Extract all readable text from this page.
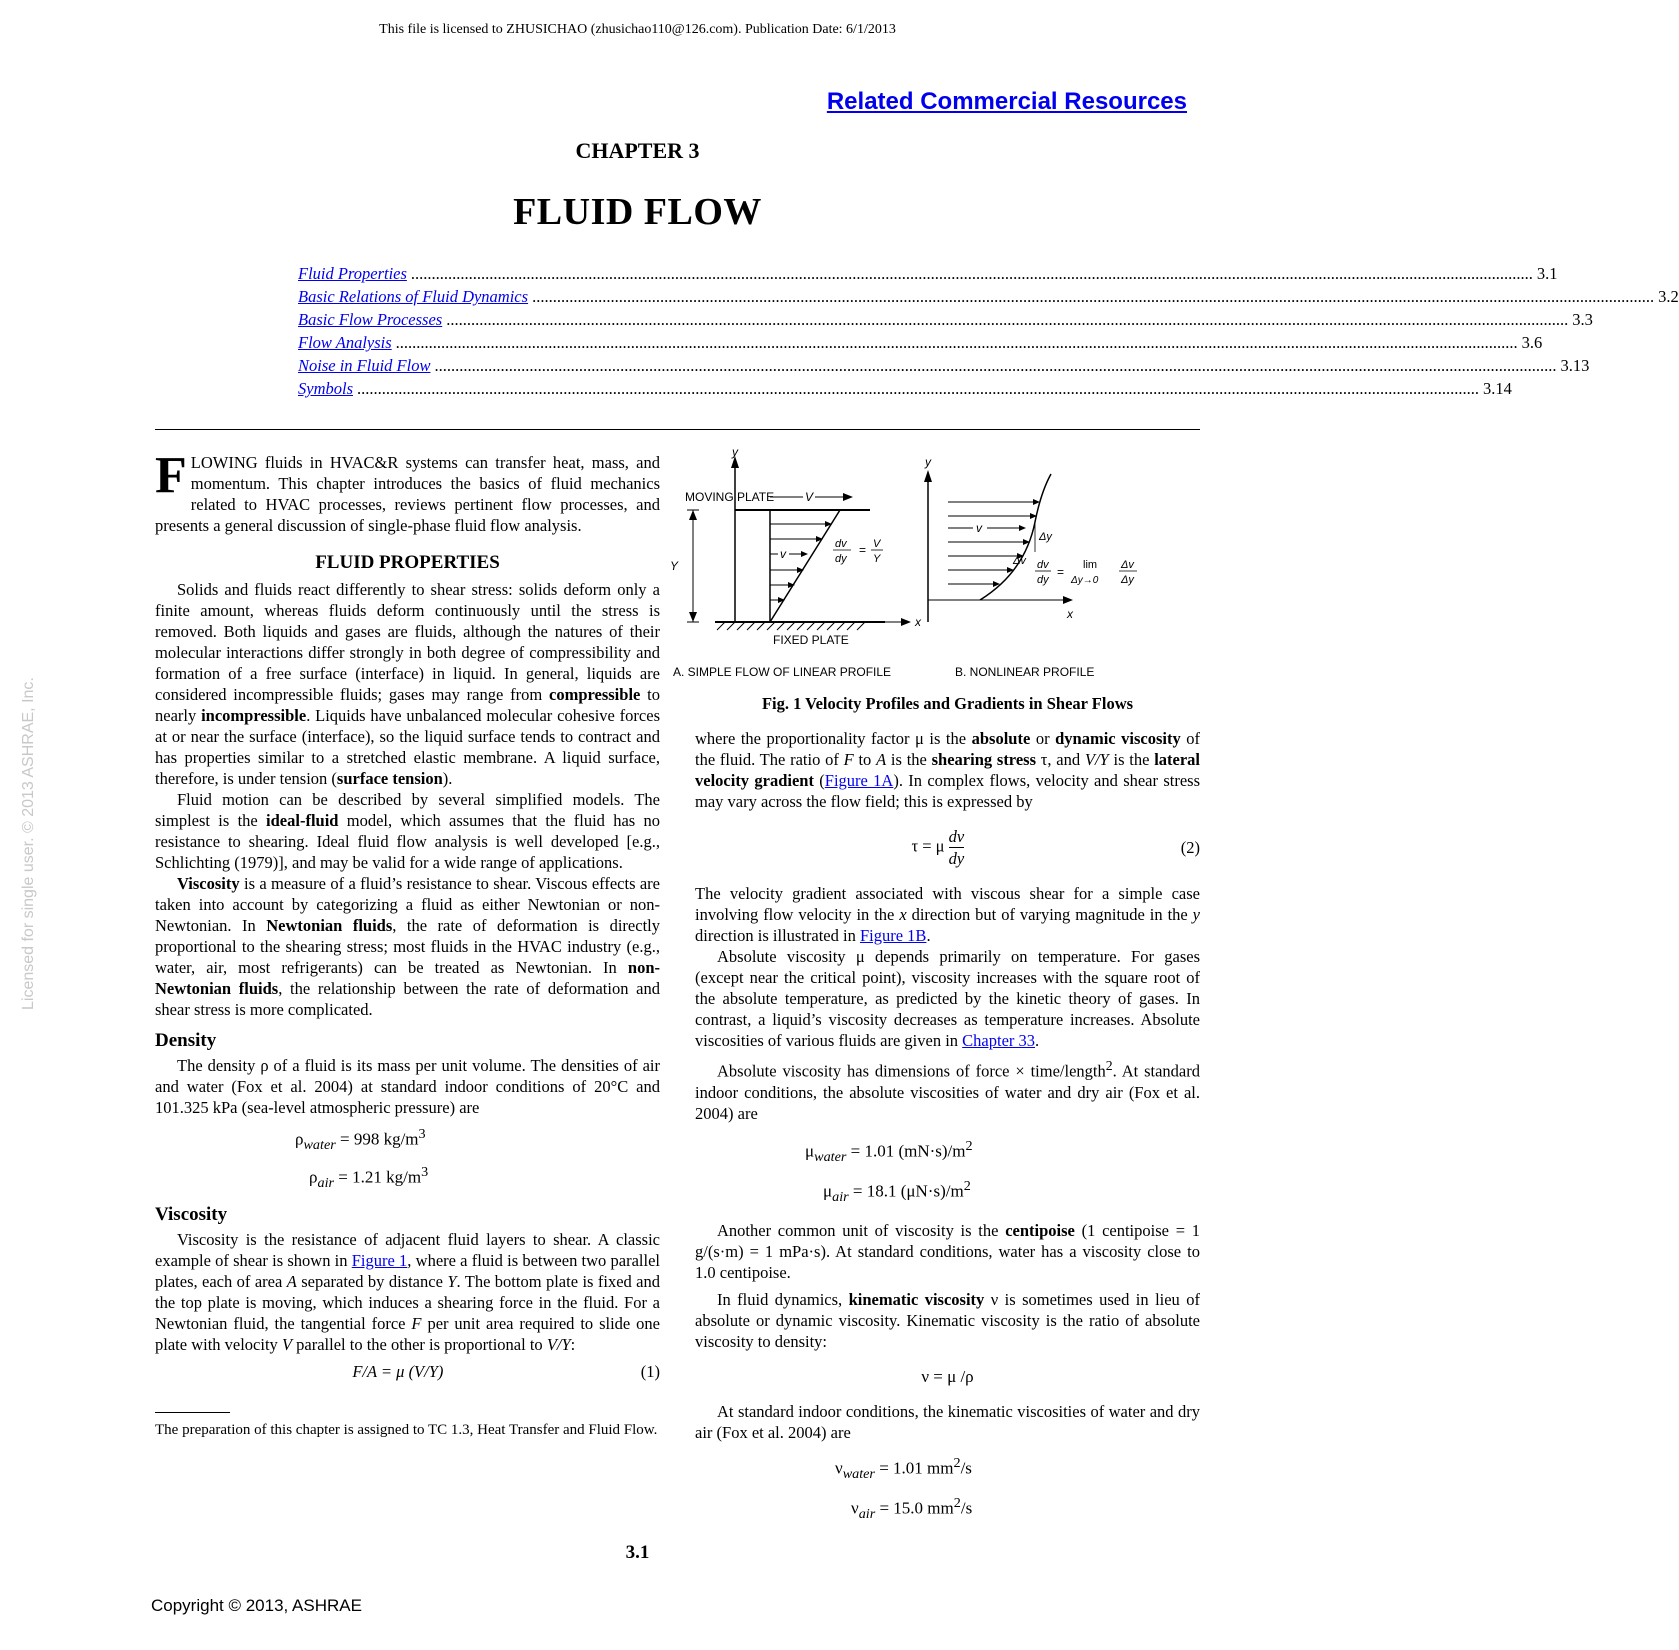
This file is licensed to ZHUSICHAO (zhusichao110@126.com). Publication Date: 6/1/2013
Related Commercial Resources
Licensed for single user. © 2013 ASHRAE, Inc.
CHAPTER 3
FLUID FLOW
Fluid Properties .....	3.1
Basic Relations of Fluid Dynamics .....	3.2
Basic Flow Processes .....	3.3
Flow Analysis .....	3.6
Noise in Fluid Flow .....	3.13
Symbols .....	3.14

FLOWING fluids in HVAC&R systems can transfer heat, mass, and momentum. This chapter introduces the basics of fluid mechanics related to HVAC processes, reviews pertinent flow processes, and presents a general discussion of single-phase fluid flow analysis.

FLUID PROPERTIES

Solids and fluids react differently to shear stress: solids deform only a finite amount, whereas fluids deform continuously until the stress is removed. Both liquids and gases are fluids, although the natures of their molecular interactions differ strongly in both degree of compressibility and formation of a free surface (interface) in liquid. In general, liquids are considered incompressible fluids; gases may range from compressible to nearly incompressible. Liquids have unbalanced molecular cohesive forces at or near the surface (interface), so the liquid surface tends to contract and has properties similar to a stretched elastic membrane. A liquid surface, therefore, is under tension (surface tension).

Fluid motion can be described by several simplified models. The simplest is the ideal-fluid model, which assumes that the fluid has no resistance to shearing. Ideal fluid flow analysis is well developed [e.g., Schlichting (1979)], and may be valid for a wide range of applications.

Viscosity is a measure of a fluid’s resistance to shear. Viscous effects are taken into account by categorizing a fluid as either Newtonian or non-Newtonian. In Newtonian fluids, the rate of deformation is directly proportional to the shearing stress; most fluids in the HVAC industry (e.g., water, air, most refrigerants) can be treated as Newtonian. In non-Newtonian fluids, the relationship between the rate of deformation and shear stress is more complicated.

Density

The density ρ of a fluid is its mass per unit volume. The densities of air and water (Fox et al. 2004) at standard indoor conditions of 20°C and 101.325 kPa (sea-level atmospheric pressure) are

$\rho_{water} = 998$ $kg/m^3$
$\rho_{air} = 1.21$ $kg/m^3$
Viscosity

Viscosity is the resistance of adjacent fluid layers to shear. A classic example of shear is shown in Figure 1, where a fluid is between two parallel plates, each of area A separated by distance Y. The bottom plate is fixed and the top plate is moving, which induces a shearing force in the fluid. For a Newtonian fluid, the tangential force F per unit area required to slide one plate with velocity V parallel to the other is proportional to V/Y:

F/A = μ (V/Y)	(1)
The preparation of this chapter is assigned to TC 1.3, Heat Transfer and Fluid Flow.
y
MOVING PLATE	V
v
Y
x
FIXED PLATE
dv
dy
= V
Y
A. SIMPLE FLOW OF LINEAR PROFILE
y
x
v
Δy
Δv dv
dy
= lim
Δy→0
Δv
Δy
B. NONLINEAR PROFILE
Fig. 1 Velocity Profiles and Gradients in Shear Flows

where the proportionality factor μ is the absolute or dynamic viscosity of the fluid. The ratio of F to A is the shearing stress τ, and V/Y is the lateral velocity gradient (Figure 1A). In complex flows, velocity and shear stress may vary across the flow field; this is expressed by

τ = μ $\frac{dv}{dy}$	(2)

The velocity gradient associated with viscous shear for a simple case involving flow velocity in the x direction but of varying magnitude in the y direction is illustrated in Figure 1B.

Absolute viscosity μ depends primarily on temperature. For gases (except near the critical point), viscosity increases with the square root of the absolute temperature, as predicted by the kinetic theory of gases. In contrast, a liquid’s viscosity decreases as temperature increases. Absolute viscosities of various fluids are given in Chapter 33.

Absolute viscosity has dimensions of force × time/length$^2$. At standard indoor conditions, the absolute viscosities of water and dry air (Fox et al. 2004) are

$\mu_{water} = 1.01$ $(mN\cdot s)/m^2$
$\mu_{air} = 18.1$ $(\mu N\cdot s)/m^2$

Another common unit of viscosity is the centipoise (1 centipoise = 1 g/(s·m) = 1 mPa·s). At standard conditions, water has a viscosity close to 1.0 centipoise.

In fluid dynamics, kinematic viscosity ν is sometimes used in lieu of absolute or dynamic viscosity. Kinematic viscosity is the ratio of absolute viscosity to density:

ν = μ /ρ

At standard indoor conditions, the kinematic viscosities of water and dry air (Fox et al. 2004) are

$\nu_{water} = 1.01$ $mm^2/s$
$\nu_{air} = 15.0$ $mm^2/s$
3.1
Copyright © 2013, ASHRAE
